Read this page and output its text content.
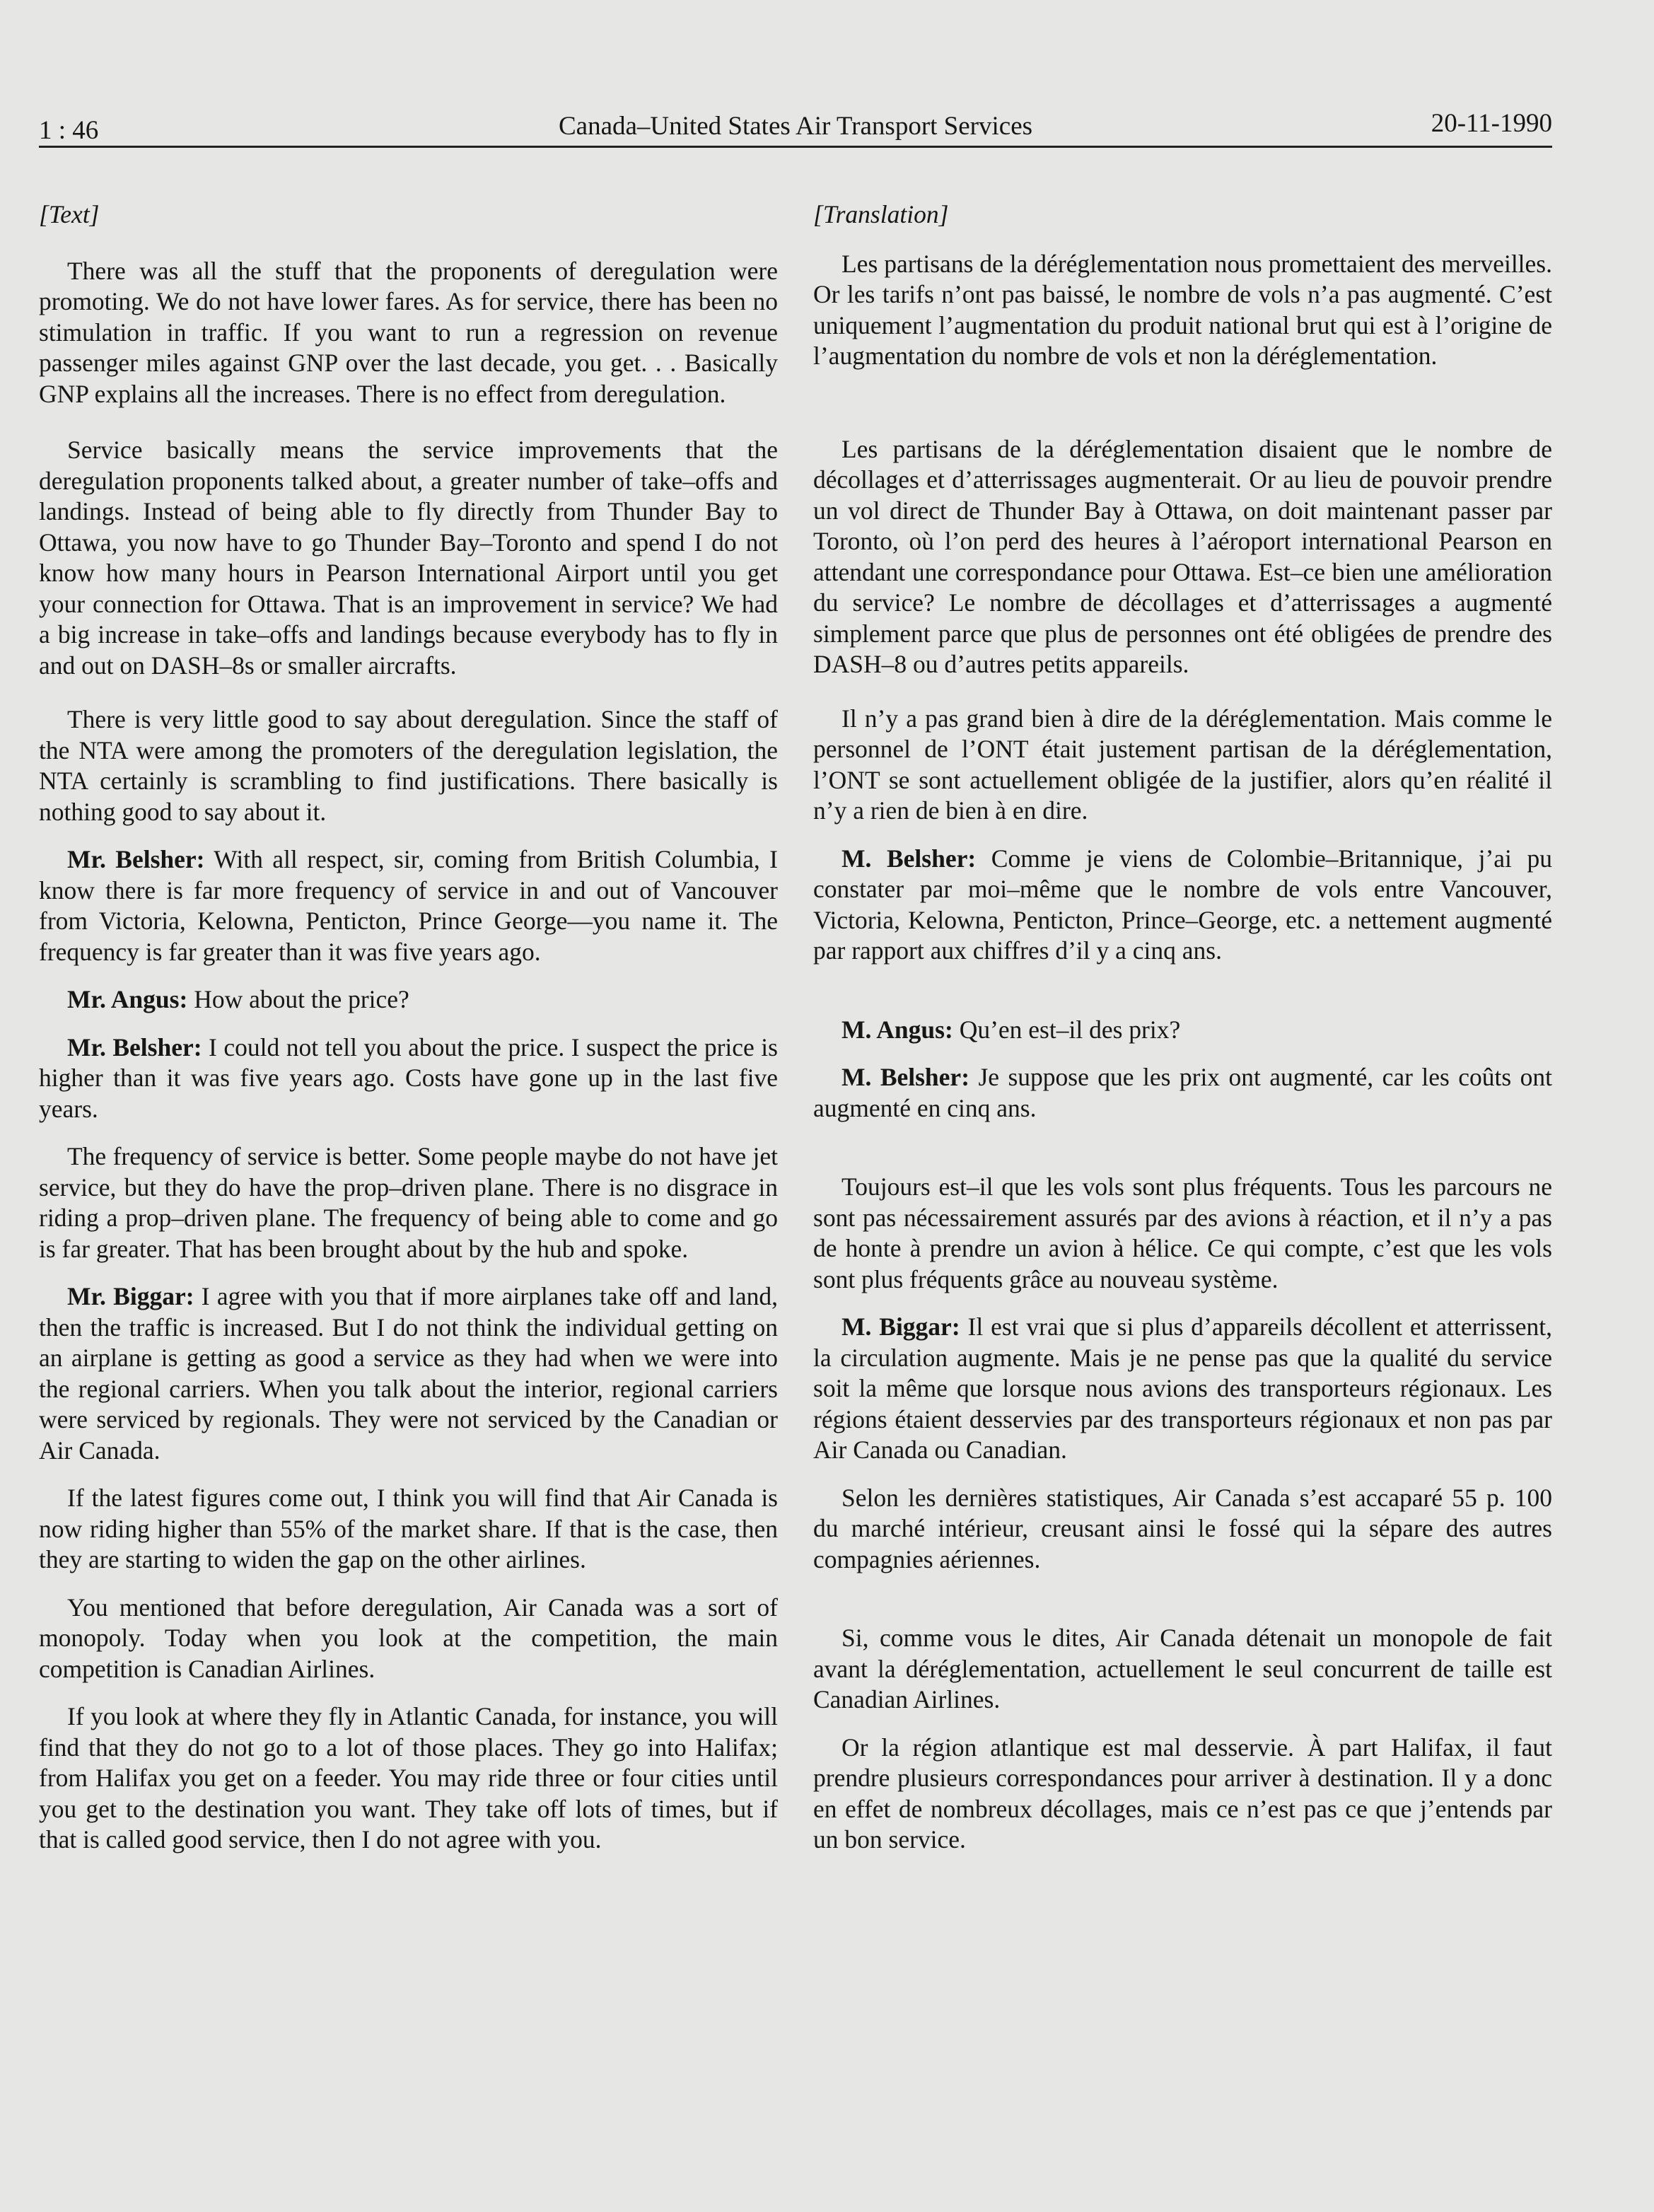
1 : 46	Canada–United States Air Transport Services	20-11-1990

[Text]

There was all the stuff that the proponents of deregulation were promoting. We do not have lower fares. As for service, there has been no stimulation in traffic. If you want to run a regression on revenue passenger miles against GNP over the last decade, you get. . . Basically GNP explains all the increases. There is no effect from deregulation.

Service basically means the service improvements that the deregulation proponents talked about, a greater number of take–offs and landings. Instead of being able to fly directly from Thunder Bay to Ottawa, you now have to go Thunder Bay–Toronto and spend I do not know how many hours in Pearson International Airport until you get your connection for Ottawa. That is an improvement in service? We had a big increase in take–offs and landings because everybody has to fly in and out on DASH–8s or smaller aircrafts.

There is very little good to say about deregulation. Since the staff of the NTA were among the promoters of the deregulation legislation, the NTA certainly is scrambling to find justifications. There basically is nothing good to say about it.

Mr. Belsher: With all respect, sir, coming from British Columbia, I know there is far more frequency of service in and out of Vancouver from Victoria, Kelowna, Penticton, Prince George—you name it. The frequency is far greater than it was five years ago.

Mr. Angus: How about the price?

Mr. Belsher: I could not tell you about the price. I suspect the price is higher than it was five years ago. Costs have gone up in the last five years.

The frequency of service is better. Some people maybe do not have jet service, but they do have the prop–driven plane. There is no disgrace in riding a prop–driven plane. The frequency of being able to come and go is far greater. That has been brought about by the hub and spoke.

Mr. Biggar: I agree with you that if more airplanes take off and land, then the traffic is increased. But I do not think the individual getting on an airplane is getting as good a service as they had when we were into the regional carriers. When you talk about the interior, regional carriers were serviced by regionals. They were not serviced by the Canadian or Air Canada.

If the latest figures come out, I think you will find that Air Canada is now riding higher than 55% of the market share. If that is the case, then they are starting to widen the gap on the other airlines.

You mentioned that before deregulation, Air Canada was a sort of monopoly. Today when you look at the competition, the main competition is Canadian Airlines.

If you look at where they fly in Atlantic Canada, for instance, you will find that they do not go to a lot of those places. They go into Halifax; from Halifax you get on a feeder. You may ride three or four cities until you get to the destination you want. They take off lots of times, but if that is called good service, then I do not agree with you.

[Translation]

Les partisans de la déréglementation nous promettaient des merveilles. Or les tarifs n’ont pas baissé, le nombre de vols n’a pas augmenté. C’est uniquement l’augmentation du produit national brut qui est à l’origine de l’augmentation du nombre de vols et non la déréglementation.

Les partisans de la déréglementation disaient que le nombre de décollages et d’atterrissages augmenterait. Or au lieu de pouvoir prendre un vol direct de Thunder Bay à Ottawa, on doit maintenant passer par Toronto, où l’on perd des heures à l’aéroport international Pearson en attendant une correspondance pour Ottawa. Est–ce bien une amélioration du service? Le nombre de décollages et d’atterrissages a augmenté simplement parce que plus de personnes ont été obligées de prendre des DASH–8 ou d’autres petits appareils.

Il n’y a pas grand bien à dire de la déréglementation. Mais comme le personnel de l’ONT était justement partisan de la déréglementation, l’ONT se sont actuellement obligée de la justifier, alors qu’en réalité il n’y a rien de bien à en dire.

M. Belsher: Comme je viens de Colombie–Britannique, j’ai pu constater par moi–même que le nombre de vols entre Vancouver, Victoria, Kelowna, Penticton, Prince–George, etc. a nettement augmenté par rapport aux chiffres d’il y a cinq ans.

M. Angus: Qu’en est–il des prix?

M. Belsher: Je suppose que les prix ont augmenté, car les coûts ont augmenté en cinq ans.

Toujours est–il que les vols sont plus fréquents. Tous les parcours ne sont pas nécessairement assurés par des avions à réaction, et il n’y a pas de honte à prendre un avion à hélice. Ce qui compte, c’est que les vols sont plus fréquents grâce au nouveau système.

M. Biggar: Il est vrai que si plus d’appareils décollent et atterrissent, la circulation augmente. Mais je ne pense pas que la qualité du service soit la même que lorsque nous avions des transporteurs régionaux. Les régions étaient desservies par des transporteurs régionaux et non pas par Air Canada ou Canadian.

Selon les dernières statistiques, Air Canada s’est accaparé 55 p. 100 du marché intérieur, creusant ainsi le fossé qui la sépare des autres compagnies aériennes.

Si, comme vous le dites, Air Canada détenait un monopole de fait avant la déréglementation, actuellement le seul concurrent de taille est Canadian Airlines.

Or la région atlantique est mal desservie. À part Halifax, il faut prendre plusieurs correspondances pour arriver à destination. Il y a donc en effet de nombreux décollages, mais ce n’est pas ce que j’entends par un bon service.
